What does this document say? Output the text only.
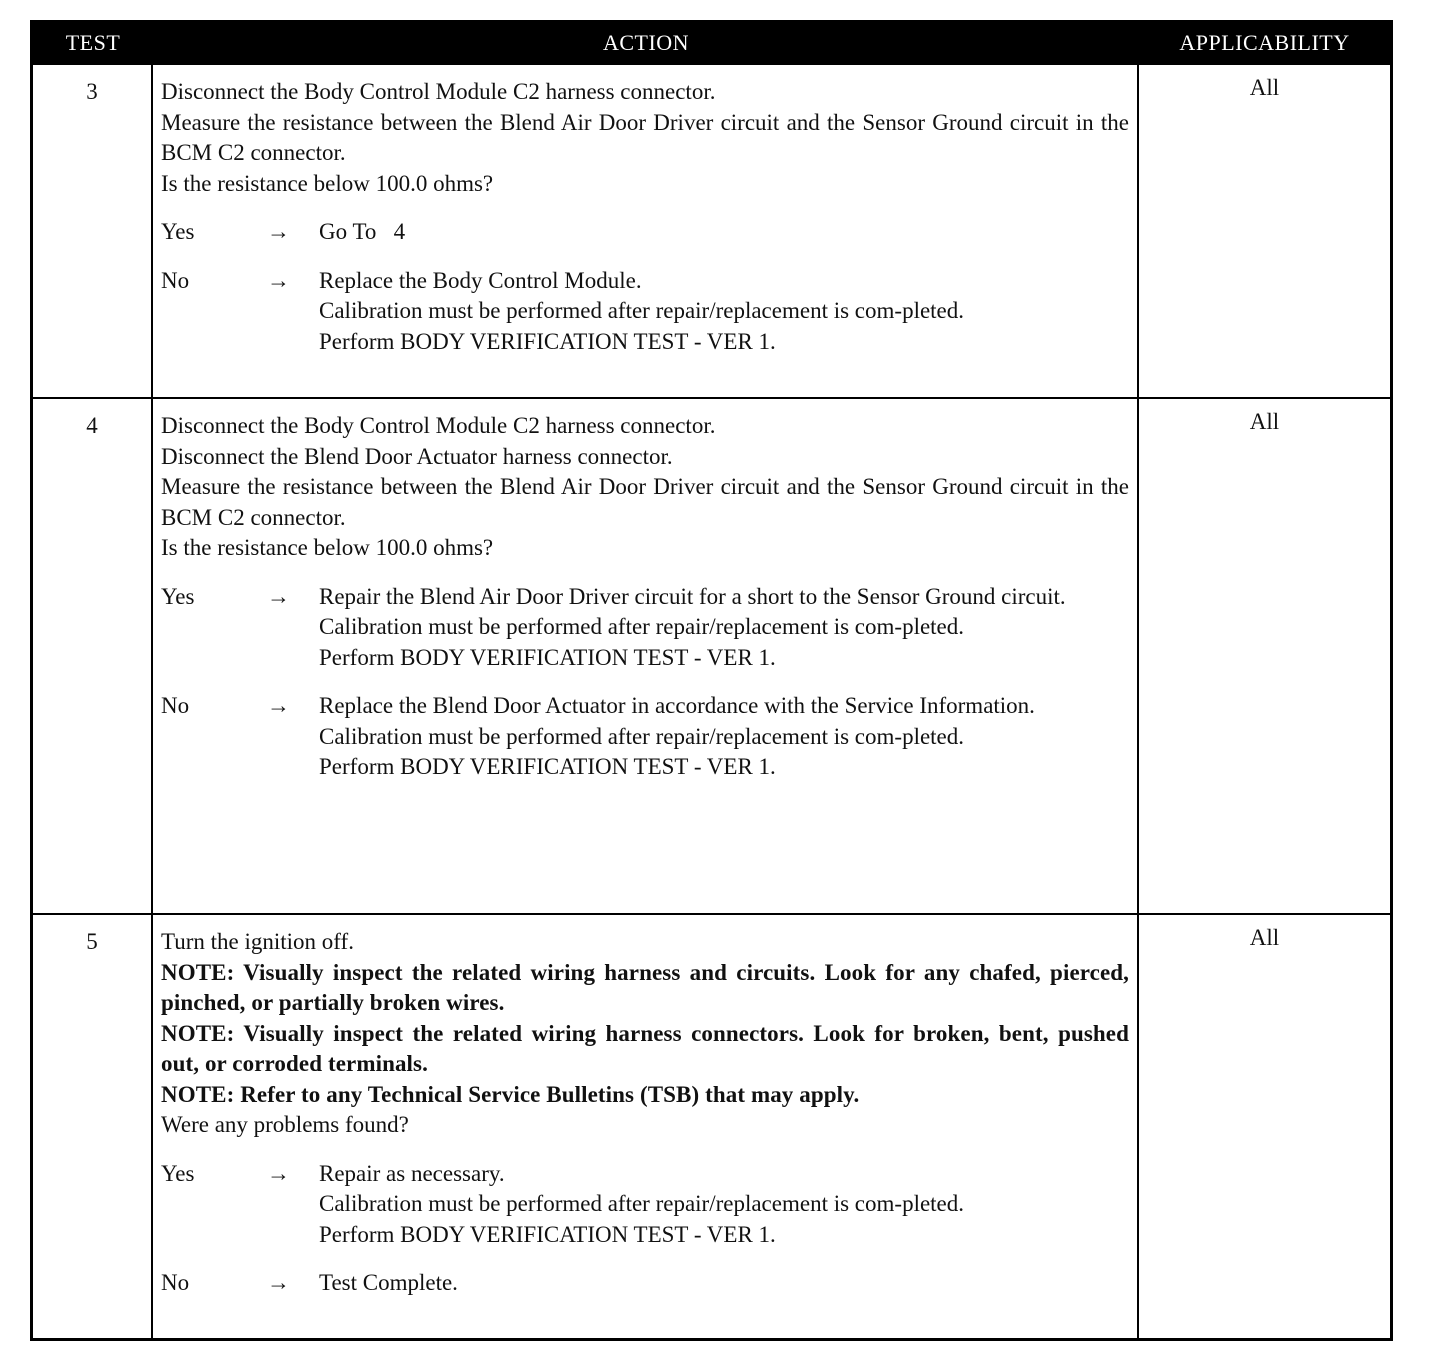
TEST	ACTION	APPLICABILITY
3	Disconnect the Body Control Module C2 harness connector.
Measure the resistance between the Blend Air Door Driver circuit and the Sensor Ground circuit in the BCM C2 connector.
Is the resistance below 100.0 ohms?
Yes	→	Go To   4
No	→	Replace the Body Control Module.
Calibration must be performed after repair/replacement is com-pleted.
Perform BODY VERIFICATION TEST - VER 1.
All
4	Disconnect the Body Control Module C2 harness connector.
Disconnect the Blend Door Actuator harness connector.
Measure the resistance between the Blend Air Door Driver circuit and the Sensor Ground circuit in the BCM C2 connector.
Is the resistance below 100.0 ohms?
Yes	→	Repair the Blend Air Door Driver circuit for a short to the Sensor Ground circuit.
Calibration must be performed after repair/replacement is com-pleted.
Perform BODY VERIFICATION TEST - VER 1.
No	→	Replace the Blend Door Actuator in accordance with the Service Information.
Calibration must be performed after repair/replacement is com-pleted.
Perform BODY VERIFICATION TEST - VER 1.
All
5	Turn the ignition off.
NOTE: Visually inspect the related wiring harness and circuits. Look for any chafed, pierced, pinched, or partially broken wires.
NOTE: Visually inspect the related wiring harness connectors. Look for broken, bent, pushed out, or corroded terminals.
NOTE: Refer to any Technical Service Bulletins (TSB) that may apply.
Were any problems found?
Yes	→	Repair as necessary.
Calibration must be performed after repair/replacement is com-pleted.
Perform BODY VERIFICATION TEST - VER 1.
No	→	Test Complete.
All
